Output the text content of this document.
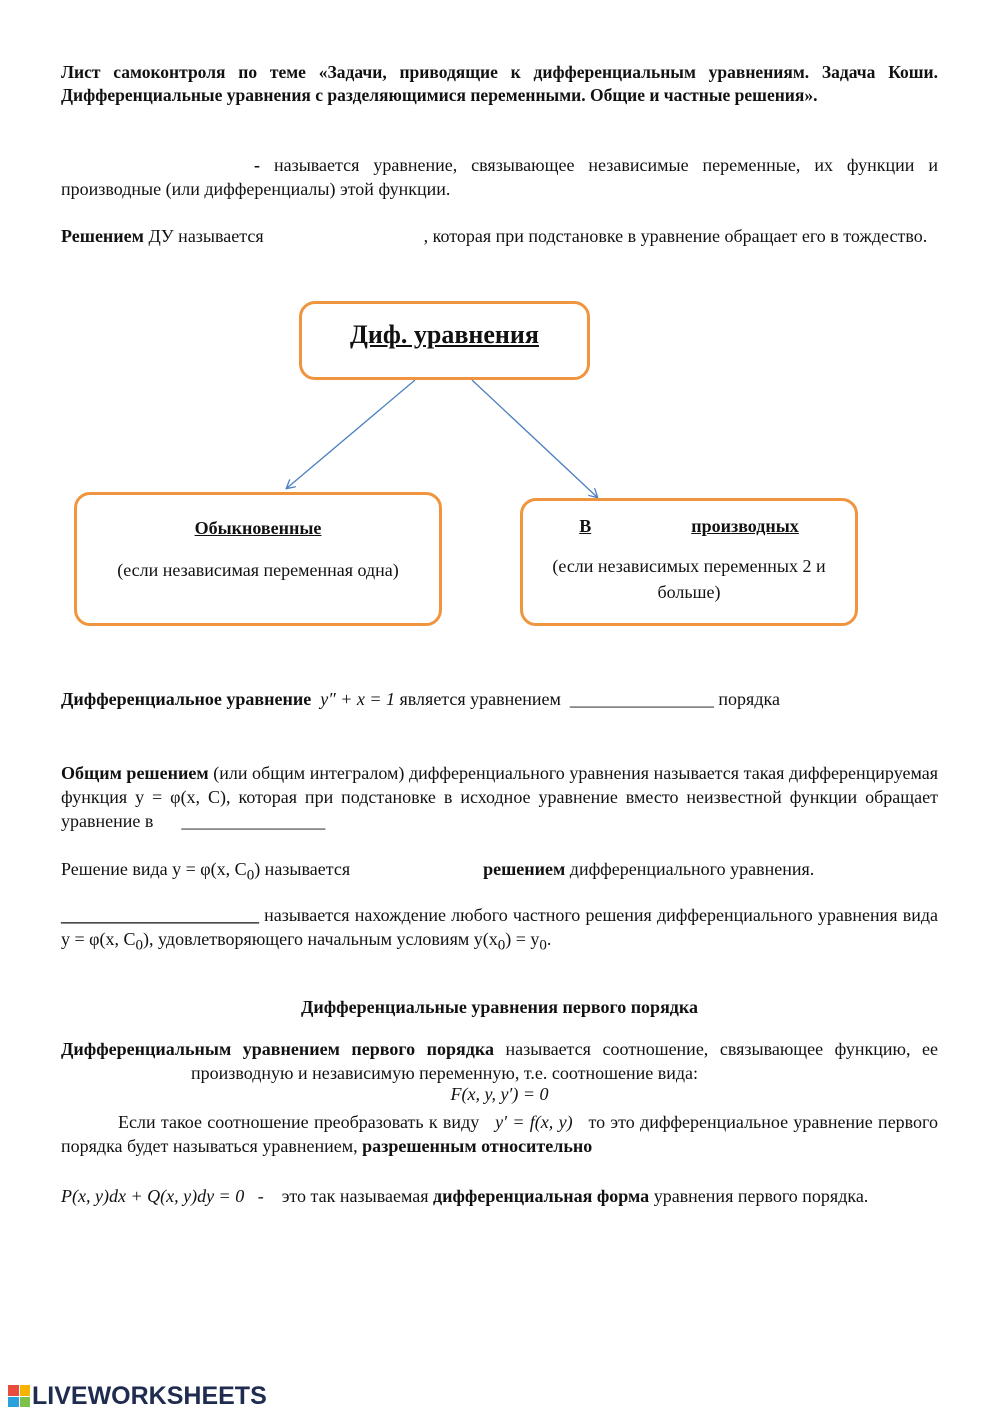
Лист самоконтроля по теме «Задачи, приводящие к дифференциальным уравнениям. Задача Коши. Дифференциальные уравнения с разделяющимися переменными. Общие и частные решения».
- называется уравнение, связывающее независимые переменные, их функции и производные (или дифференциалы) этой функции.
Решением ДУ называется	, которая при подстановке в уравнение обращает его в тождество.
Диф. уравнения
Обыкновенные
(если независимая переменная одна)
В	производных
(если независимых переменных 2 и больше)
Дифференциальное уравнение y″ + x = 1 является уравнением ________________ порядка
Общим решением (или общим интегралом) дифференциального уравнения называется такая дифференцируемая функция y = φ(x, C), которая при подстановке в исходное уравнение вместо неизвестной функции обращает уравнение в ________________
Решение вида y = φ(x, $C_0$) называется	решением дифференциального уравнения.
______________________ называется нахождение любого частного решения дифференциального уравнения вида y = φ(x, $C_0$), удовлетворяющего начальным условиям $y(x_0) = y_0$.
Дифференциальные уравнения первого порядка
Дифференциальным уравнением первого порядка называется соотношение, связывающее функцию, еепроизводную и независимую переменную, т.е. соотношение вида:
F(x, y, y′) = 0
Если такое соотношение преобразовать к виду y′ = f(x, y)   то это дифференциальное уравнение первого порядка будет называться уравнением, разрешенным относительно
P(x, y)dx + Q(x, y)dy = 0 - это так называемая дифференциальная форма уравнения первого порядка.
LIVEWORKSHEETS
